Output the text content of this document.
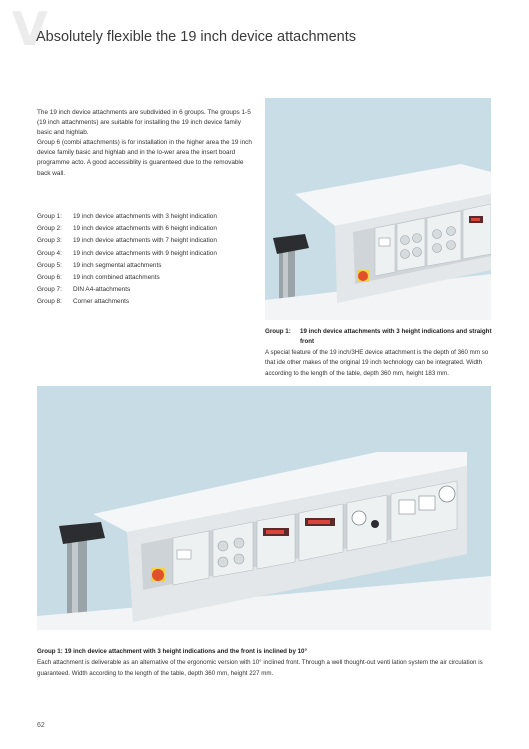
V
Absolutely flexible the 19 inch device attachments

The 19 inch device attachments are subdivided in 6 groups. The groups 1-5 (19 inch attachments) are suitable for installing the 19 inch device family basic and highlab.

Group 6 (combi attachments) is for installation in the higher area the 19 inch device family basic and highlab and in the lo-wer area the insert board programme acto. A good accessiblity is guarenteed due to the removable back wall.

Group 1:	19 inch device attachments with 3 height indication
Group 2:	19 inch device attachments with 6 height indication
Group 3:	19 inch device attachments with 7 height indication
Group 4:	19 inch device attachments with 9 height indication
Group 5:	19 inch segmental attachments
Group 6:	19 inch combined attachments
Group 7:	DIN A4-attachments
Group 8:	Corner attachments
Group 1:	19 inch device attachments with 3 height indications and straight front
A special feature of the 19 inch/3HE device attachment is the depth of 360 mm so that ide other makes of the original 19 inch technology can be integrated. Width according to the length of the table, depth 360 mm, height 183 mm.
Group 1: 19 inch device attachment with 3 height indications and the front is inclined by 10°
Each attachment is deliverable as an alternative of the ergonomic version with 10° inclined front. Through a well thought-out venti lation system the air circulation is guaranteed. Width according to the length of the table, depth 360 mm, height 227 mm.
62
